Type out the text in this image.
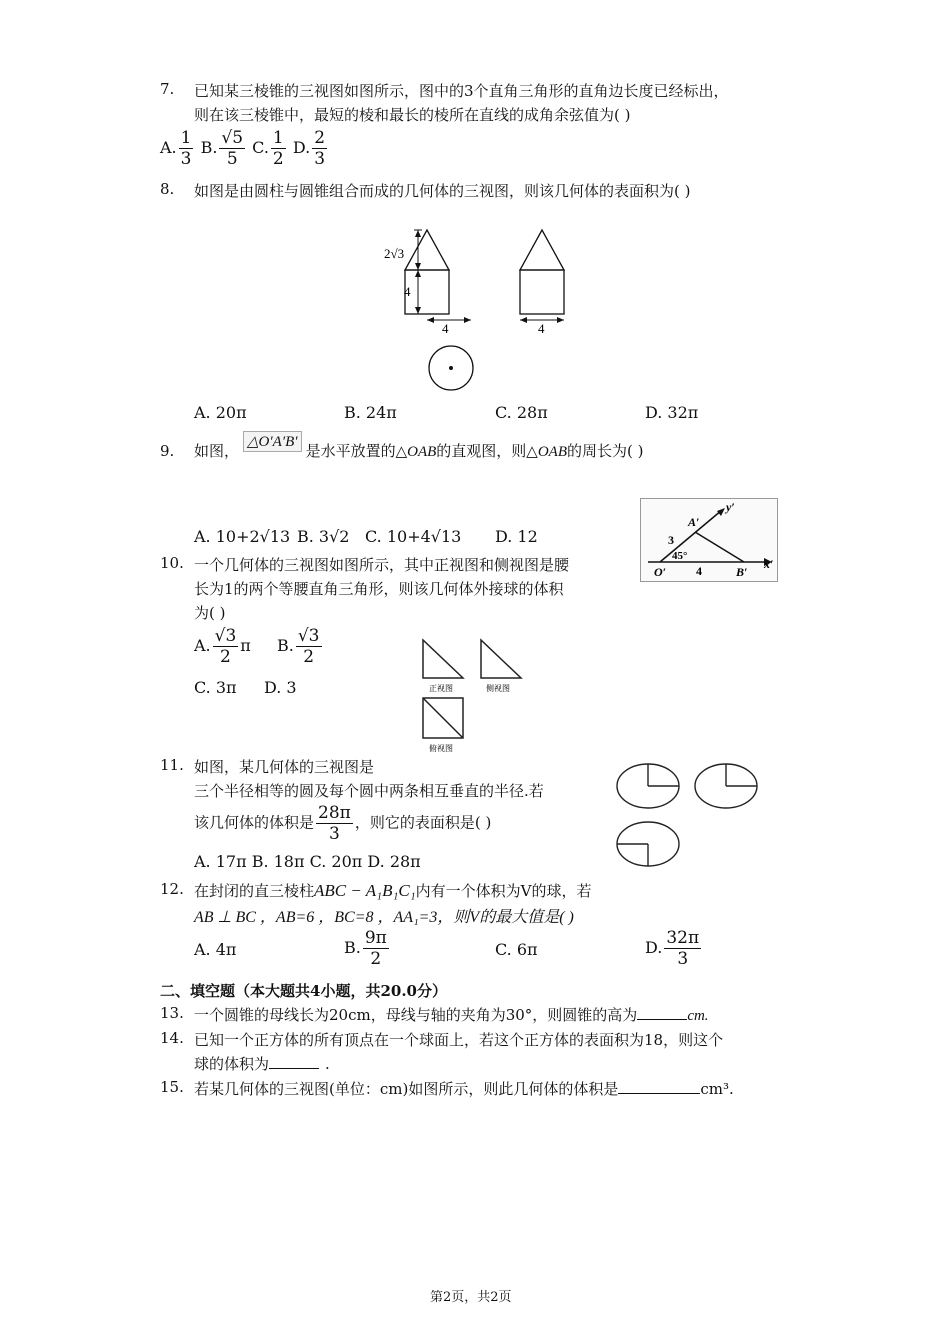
7. 已知某三棱锥的三视图如图所示，图中的3个直角三角形的直角边长度已经标出，
则在该三棱锥中，最短的棱和最长的棱所在直线的成角余弦值为( )
A. $\frac{1}{3} B$. $\frac{√5}{5} C$. $\frac{1}{2} D$. $\frac{2}{3}$
8. 如图是由圆柱与圆锥组合而成的几何体的三视图，则该几何体的表面积为( )
2√3
4
4	4
A. 20π	B. 24π	C. 28π	D. 32π
9. 如图， △O′A′B′ 是水平放置的△OAB的直观图，则△OAB的周长为( )
A. 10+2√13 B. 3√2 C. 10+4√13 D. 12
y′
x′
A′
B′
O′
3
4
45°
10. 一个几何体的三视图如图所示，其中正视图和侧视图是腰
长为1的两个等腰直角三角形，则该几何体外接球的体积
为( )
A. $\frac{√3}{2}$ π B. $\frac{√3}{2}$
C. 3π D. 3	正视图	侧视图
俯视图
11. 如图，某几何体的三视图是
三个半径相等的圆及每个圆中两条相互垂直的半径.若
该几何体的体积是 $\frac{28\pi}{3}$ ，则它的表面积是( )
A. 17π B. 18π C. 20π D. 28π
12. 在封闭的直三棱柱ABC − A₁B₁C₁内有一个体积为V的球，若
AB ⊥ BC ，AB=6 ，BC=8 ，AA₁=3，则V的最大值是( )
A. 4π	B. $\frac{9\pi}{2}$	C. 6π	D. $\frac{32\pi}{3}$
二、填空题（本大题共4小题，共20.0分）
13. 一个圆锥的母线长为20cm，母线与轴的夹角为30°，则圆锥的高为	cm.
14. 已知一个正方体的所有顶点在一个球面上，若这个正方体的表面积为18，则这个
球的体积为	.
15. 若某几何体的三视图(单位：cm)如图所示，则此几何体的体积是	cm³.
第2页，共2页
